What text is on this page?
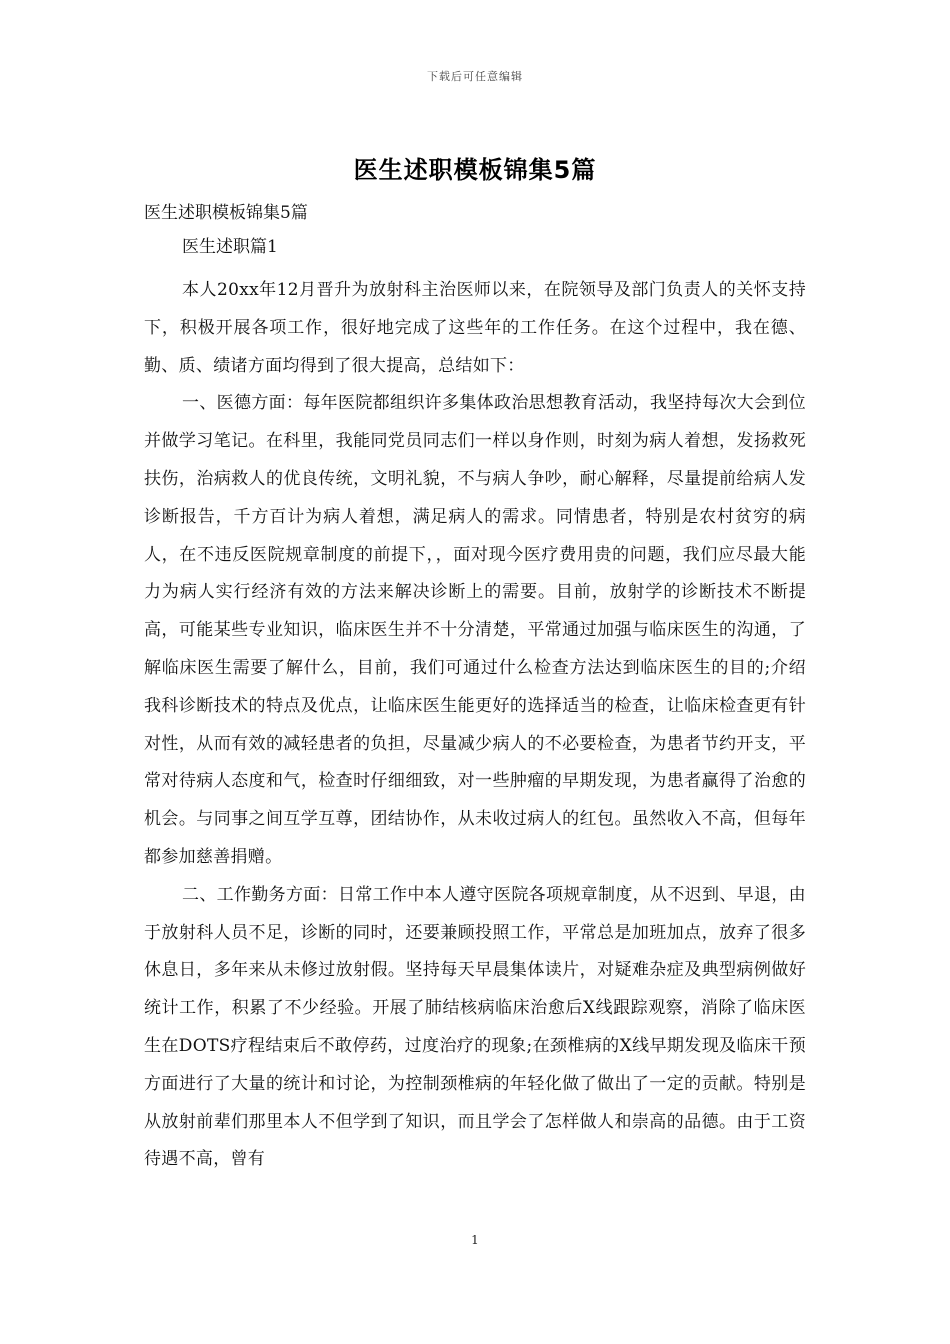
下载后可任意编辑
医生述职模板锦集5篇
医生述职模板锦集5篇
医生述职篇1

本人20xx年12月晋升为放射科主治医师以来，在院领导及部门负责人的关怀支持下，积极开展各项工作，很好地完成了这些年的工作任务。在这个过程中，我在德、勤、质、绩诸方面均得到了很大提高，总结如下：

一、医德方面：每年医院都组织许多集体政治思想教育活动，我坚持每次大会到位并做学习笔记。在科里，我能同党员同志们一样以身作则，时刻为病人着想，发扬救死扶伤，治病救人的优良传统，文明礼貌，不与病人争吵，耐心解释，尽量提前给病人发诊断报告，千方百计为病人着想，满足病人的需求。同情患者，特别是农村贫穷的病人，在不违反医院规章制度的前提下，，面对现今医疗费用贵的问题，我们应尽最大能力为病人实行经济有效的方法来解决诊断上的需要。目前，放射学的诊断技术不断提高，可能某些专业知识，临床医生并不十分清楚，平常通过加强与临床医生的沟通，了解临床医生需要了解什么，目前，我们可通过什么检查方法达到临床医生的目的;介绍我科诊断技术的特点及优点，让临床医生能更好的选择适当的检查，让临床检查更有针对性，从而有效的减轻患者的负担，尽量减少病人的不必要检查，为患者节约开支，平常对待病人态度和气，检查时仔细细致，对一些肿瘤的早期发现，为患者赢得了治愈的机会。与同事之间互学互尊，团结协作，从未收过病人的红包。虽然收入不高，但每年都参加慈善捐赠。

二、工作勤务方面：日常工作中本人遵守医院各项规章制度，从不迟到、早退，由于放射科人员不足，诊断的同时，还要兼顾投照工作，平常总是加班加点，放弃了很多休息日，多年来从未修过放射假。坚持每天早晨集体读片，对疑难杂症及典型病例做好统计工作，积累了不少经验。开展了肺结核病临床治愈后X线跟踪观察，消除了临床医生在DOTS疗程结束后不敢停药，过度治疗的现象;在颈椎病的X线早期发现及临床干预方面进行了大量的统计和讨论，为控制颈椎病的年轻化做了做出了一定的贡献。特别是从放射前辈们那里本人不但学到了知识，而且学会了怎样做人和崇高的品德。由于工资待遇不高，曾有

1
